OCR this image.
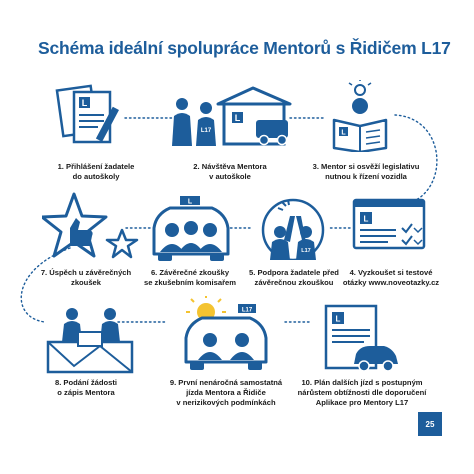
Schéma ideální spolupráce Mentorů s Řidičem L17
L
1. Přihlášení žadatele
do autoškoly
L
L17
2. Návštěva Mentora
v autoškole
L
3. Mentor si osvěží legislativu
nutnou k řízení vozidla
L
4. Vyzkoušet si testové
otázky www.noveotazky.cz
L17
5. Podpora žadatele před
závěrečnou zkouškou
L
6. Závěrečné zkoušky
se zkušebním komisařem
7. Úspěch u závěrečných
zkoušek
8. Podání žádosti
o zápis Mentora
L17
9. První nenáročná samostatná
jízda Mentora a Řidiče
v nerizikových podmínkách
L
10. Plán dalších jízd s postupným
nárůstem obtížnosti dle doporučení
Aplikace pro Mentory L17
25
